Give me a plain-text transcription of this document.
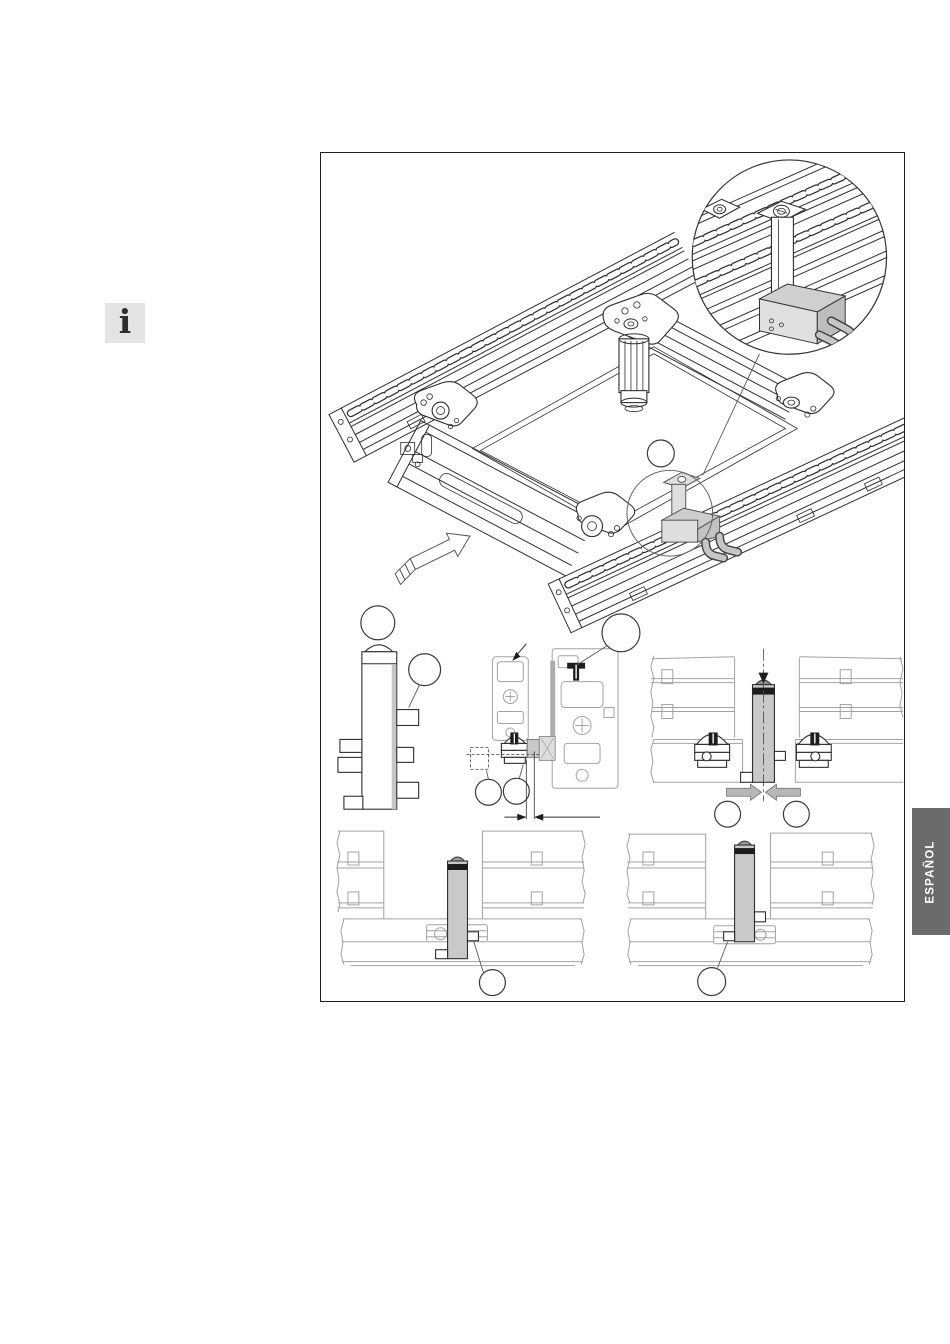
i
ESPAÑOL
